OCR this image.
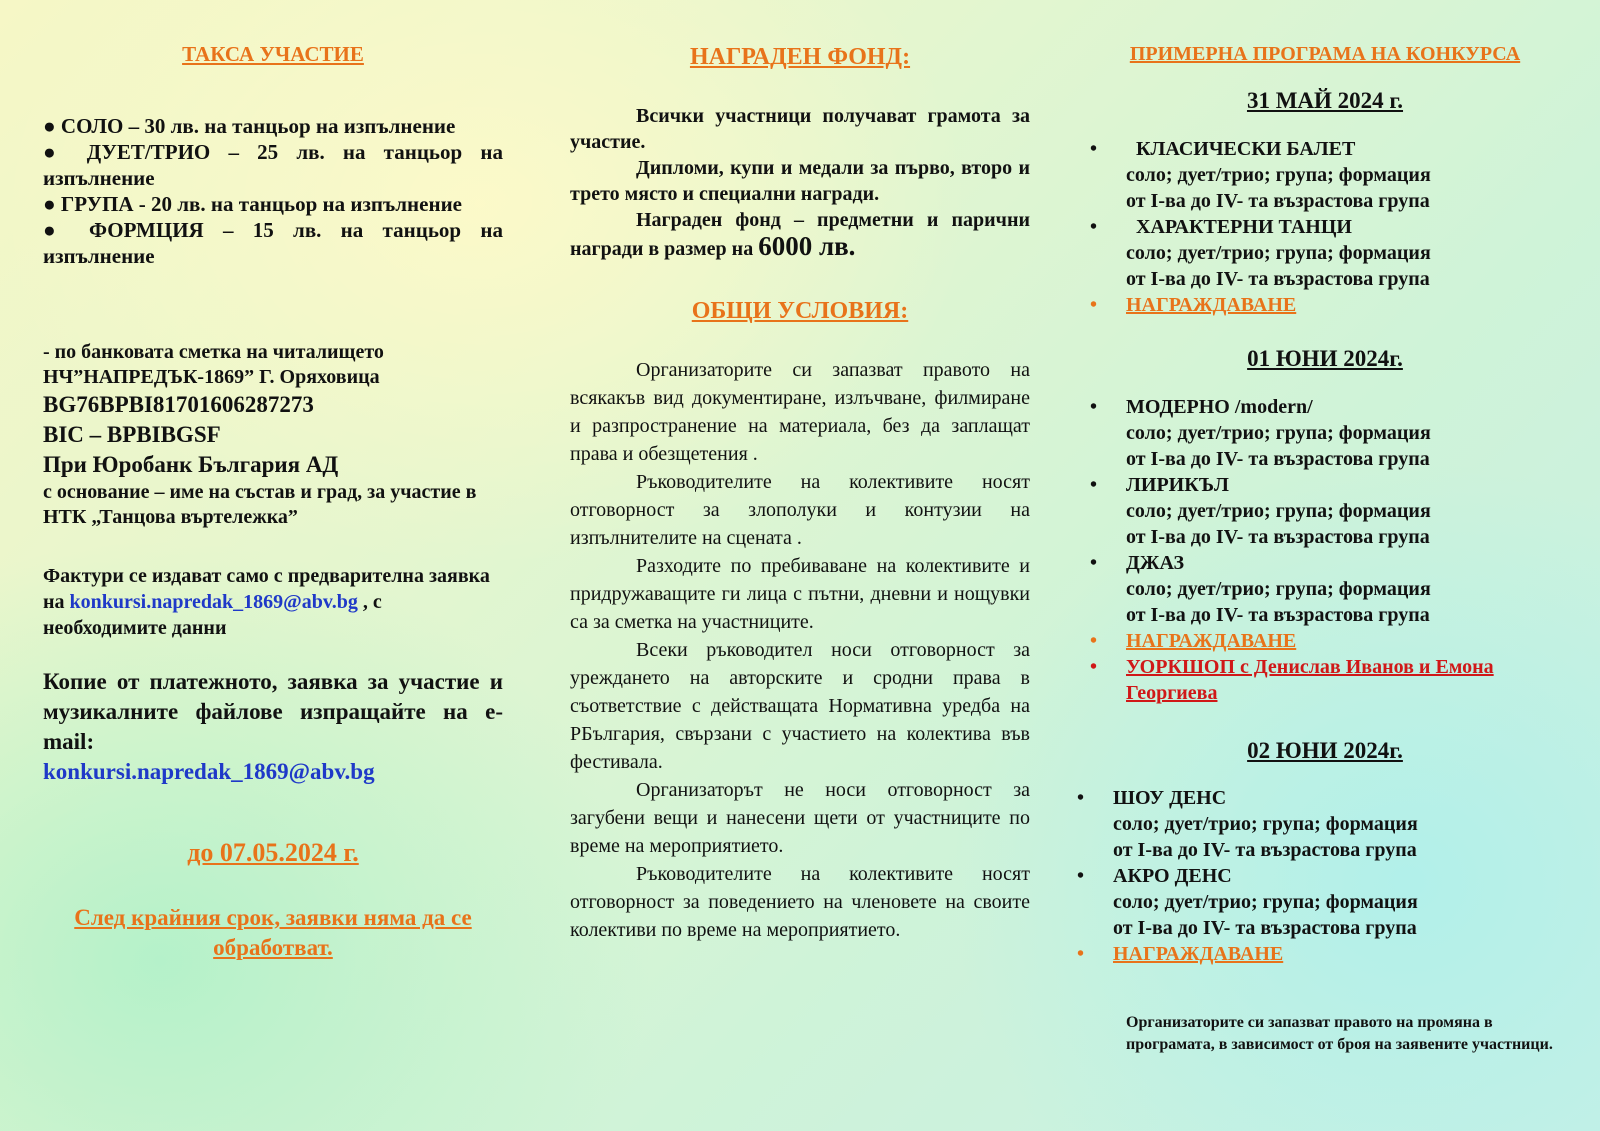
ТАКСА УЧАСТИЕ

● СОЛО – 30 лв. на танцьор на изпълнение

● ДУЕТ/ТРИО – 25 лв. на танцьор на изпълнение

● ГРУПА - 20 лв. на танцьор на изпълнение

● ФОРМЦИЯ – 15 лв. на танцьор на изпълнение

- по банковата сметка на читалището

НЧ”НАПРЕДЪК-1869” Г. Оряховица

BG76BPBI81701606287273

BIC – BPBIBGSF

При Юробанк България АД

с основание – име на състав и град, за участие в НТК „Танцова въртележка”

Фактури се издават само с предварителна заявка на konkursi.napredak_1869@abv.bg , с необходимите данни

Копие от платежното, заявка за участие и музикалните файлове изпращайте на e-mail:

konkursi.napredak_1869@abv.bg

до 07.05.2024 г.
След крайния срок, заявки няма да се обработват.
НАГРАДЕН ФОНД:

Всички участници получават грамота за участие.

Дипломи, купи и медали за първо, второ и трето място и специални награди.

Награден фонд – предметни и парични награди в размер на 6000 лв.

ОБЩИ УСЛОВИЯ:

Организаторите си запазват правото на всякакъв вид документиране, излъчване, филмиране и разпространение на материала, без да заплащат права и обезщетения .

Ръководителите на колективите носят отговорност за злополуки и контузии на изпълнителите на сцената .

Разходите по пребиваване на колективите и придружаващите ги лица с пътни, дневни и нощувки са за сметка на участниците.

Всеки ръководител носи отговорност за уреждането на авторските и сродни права в съответствие с действащата Нормативна уредба на РБългария, свързани с участието на колектива във фестивала.

Организаторът не носи отговорност за загубени вещи и нанесени щети от участниците по време на мероприятието.

Ръководителите на колективите носят отговорност за поведението на членовете на своите колективи по време на мероприятието.

ПРИМЕРНА ПРОГРАМА НА КОНКУРСА
31 МАЙ 2024 г.
• КЛАСИЧЕСКИ БАЛЕТ
соло; дует/трио; група; формация
от I-ва до IV- та възрастова група
• ХАРАКТЕРНИ ТАНЦИ
соло; дует/трио; група; формация
от I-ва до IV- та възрастова група
• НАГРАЖДАВАНЕ
01 ЮНИ 2024г.
• МОДЕРНО /modern/
соло; дует/трио; група; формация
от I-ва до IV- та възрастова група
• ЛИРИКЪЛ
соло; дует/трио; група; формация
от I-ва до IV- та възрастова група
• ДЖАЗ
соло; дует/трио; група; формация
от I-ва до IV- та възрастова група
• НАГРАЖДАВАНЕ
• УОРКШОП с Денислав Иванов и Емона Георгиева
02 ЮНИ 2024г.
• ШОУ ДЕНС
соло; дует/трио; група; формация
от I-ва до IV- та възрастова група
• АКРО ДЕНС
соло; дует/трио; група; формация
от I-ва до IV- та възрастова група
• НАГРАЖДАВАНЕ
Организаторите си запазват правото на промяна в програмата, в зависимост от броя на заявените участници.
